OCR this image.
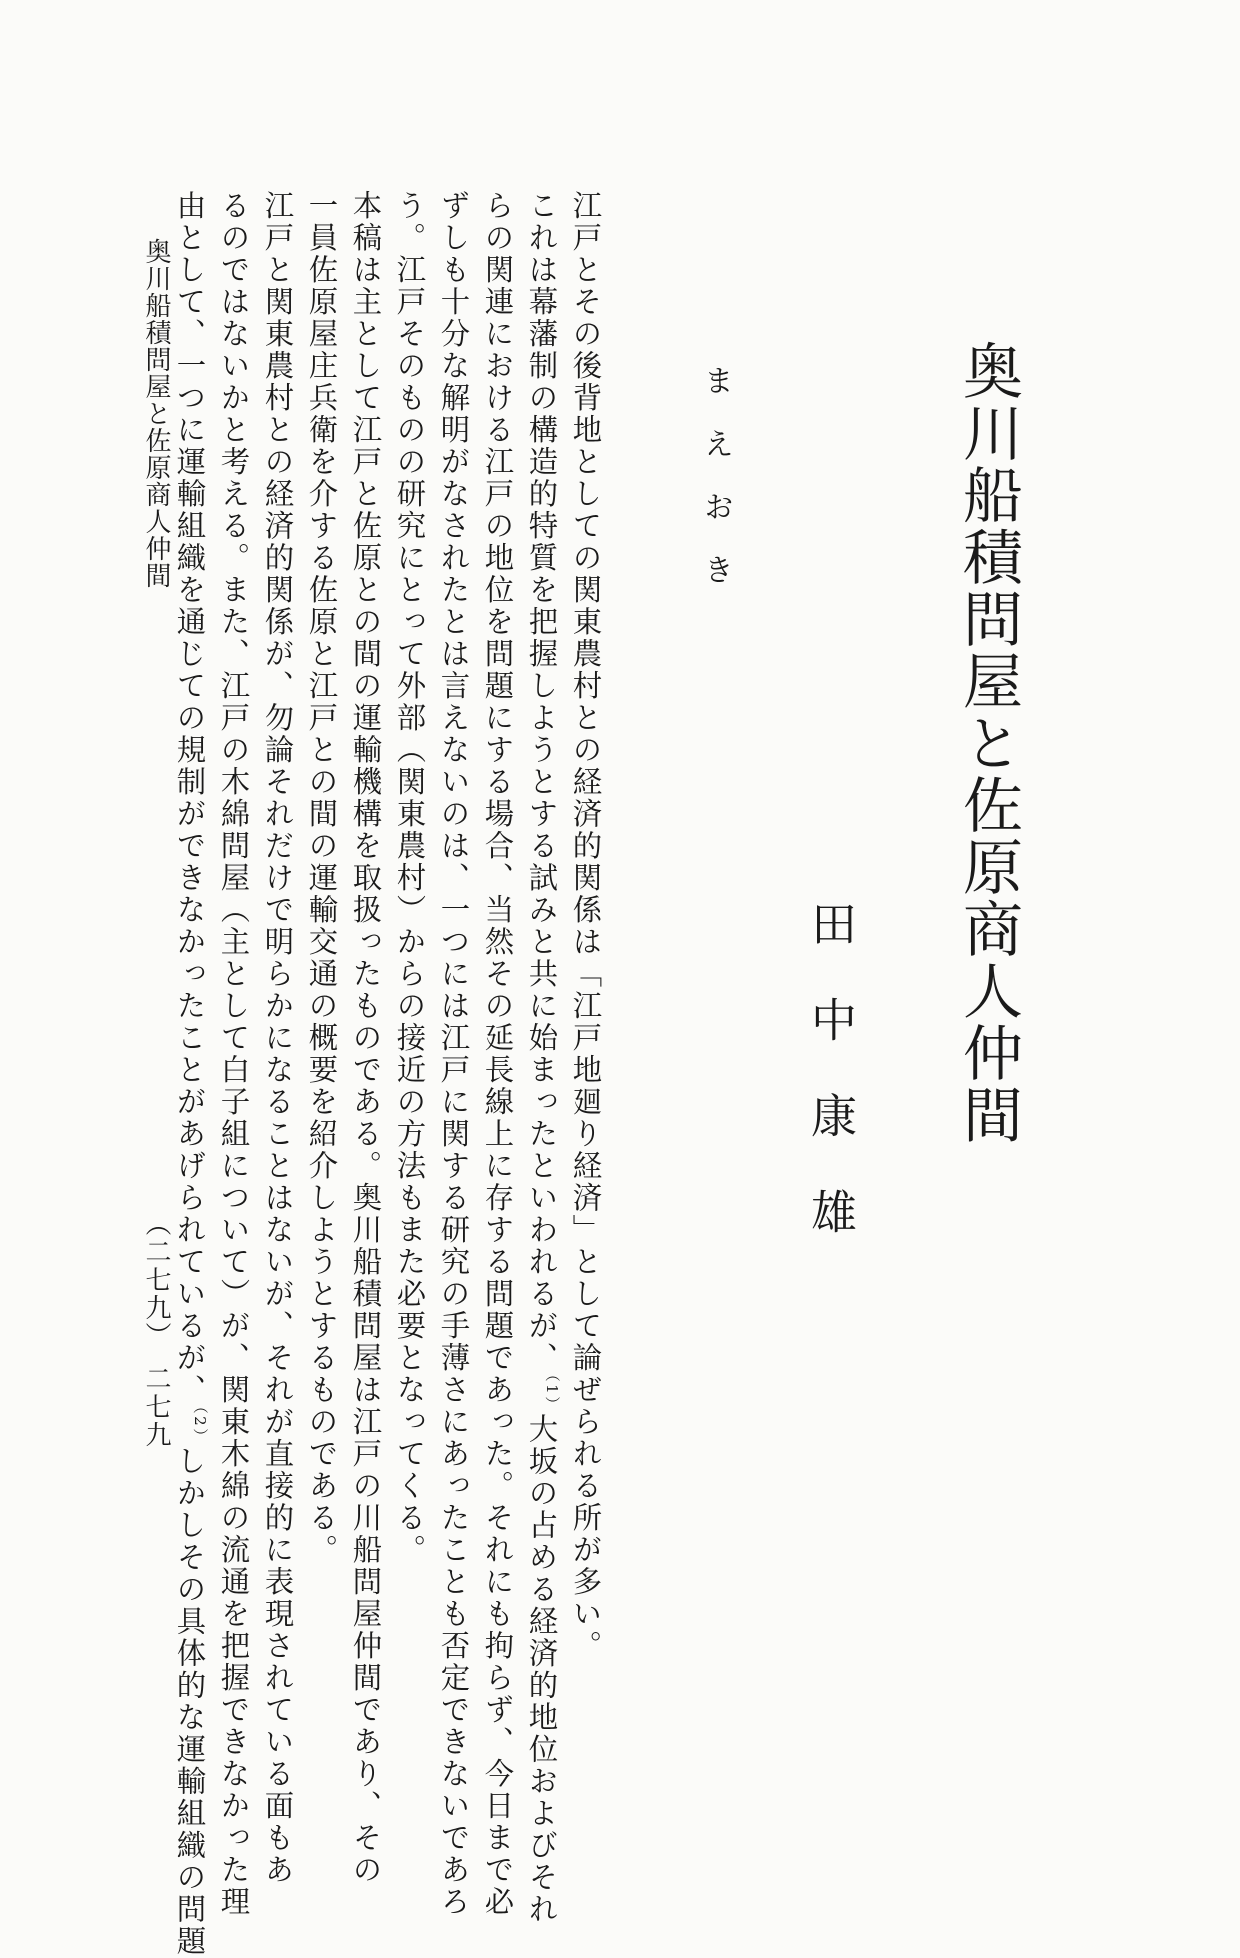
奥川船積問屋と佐原商人仲間
田中康雄
まえおき
江戸とその後背地としての関東農村との経済的関係は「江戸地廻り経済」として論ぜられる所が多い。
これは幕藩制の構造的特質を把握しようとする試みと共に始まったといわれるが、$^{(1)}$大坂の占める経済的地位およびそれ
らの関連における江戸の地位を問題にする場合、当然その延長線上に存する問題であった。それにも拘らず、今日まで必
ずしも十分な解明がなされたとは言えないのは、一つには江戸に関する研究の手薄さにあったことも否定できないであろ
う。江戸そのものの研究にとって外部（関東農村）からの接近の方法もまた必要となってくる。
本稿は主として江戸と佐原との間の運輸機構を取扱ったものである。奥川船積問屋は江戸の川船問屋仲間であり、その
一員佐原屋庄兵衛を介する佐原と江戸との間の運輸交通の概要を紹介しようとするものである。
江戸と関東農村との経済的関係が、勿論それだけで明らかになることはないが、それが直接的に表現されている面もあ
るのではないかと考える。また、江戸の木綿問屋（主として白子組について）が、関東木綿の流通を把握できなかった理
由として、一つに運輸組織を通じての規制ができなかったことがあげられているが、$^{(2)}$しかしその具体的な運輸組織の問題
奥川船積問屋と佐原商人仲間
（二七九）　二七九
